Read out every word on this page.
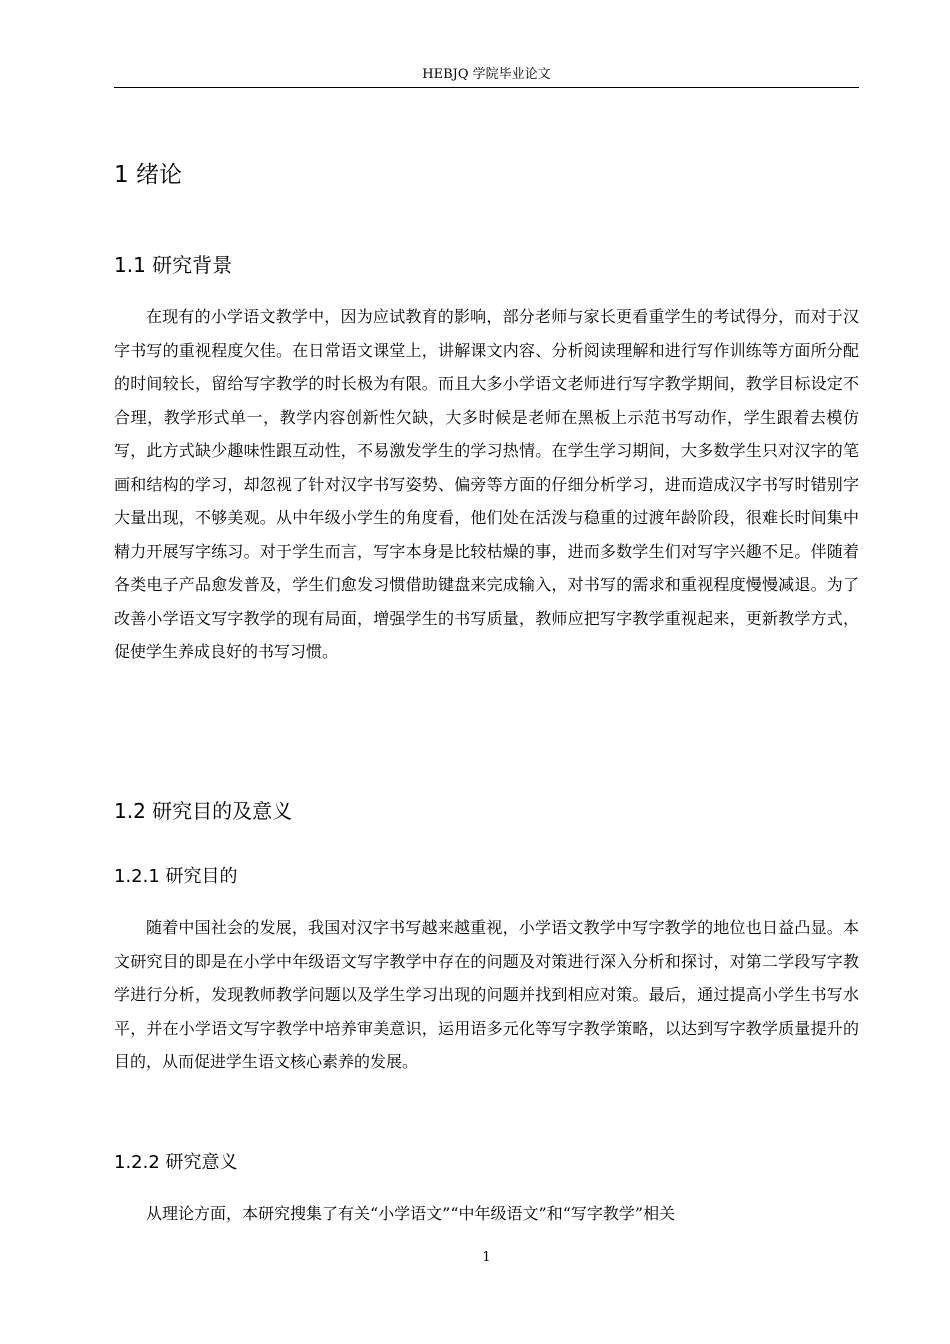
HEBJQ 学院毕业论文
1 绪论
1.1 研究背景

在现有的小学语文教学中，因为应试教育的影响，部分老师与家长更看重学生的考试得分，而对于汉字书写的重视程度欠佳。在日常语文课堂上，讲解课文内容、分析阅读理解和进行写作训练等方面所分配的时间较长，留给写字教学的时长极为有限。而且大多小学语文老师进行写字教学期间，教学目标设定不合理，教学形式单一，教学内容创新性欠缺，大多时候是老师在黑板上示范书写动作，学生跟着去模仿写，此方式缺少趣味性跟互动性，不易激发学生的学习热情。在学生学习期间，大多数学生只对汉字的笔画和结构的学习，却忽视了针对汉字书写姿势、偏旁等方面的仔细分析学习，进而造成汉字书写时错别字大量出现，不够美观。从中年级小学生的角度看，他们处在活泼与稳重的过渡年龄阶段，很难长时间集中精力开展写字练习。对于学生而言，写字本身是比较枯燥的事，进而多数学生们对写字兴趣不足。伴随着各类电子产品愈发普及，学生们愈发习惯借助键盘来完成输入，对书写的需求和重视程度慢慢减退。为了改善小学语文写字教学的现有局面，增强学生的书写质量，教师应把写字教学重视起来，更新教学方式，促使学生养成良好的书写习惯。

1.2 研究目的及意义
1.2.1 研究目的

随着中国社会的发展，我国对汉字书写越来越重视，小学语文教学中写字教学的地位也日益凸显。本文研究目的即是在小学中年级语文写字教学中存在的问题及对策进行深入分析和探讨，对第二学段写字教学进行分析，发现教师教学问题以及学生学习出现的问题并找到相应对策。最后，通过提高小学生书写水平，并在小学语文写字教学中培养审美意识，运用语多元化等写字教学策略，以达到写字教学质量提升的目的，从而促进学生语文核心素养的发展。

1.2.2 研究意义

从理论方面，本研究搜集了有关“小学语文”“中年级语文”和“写字教学”相关

1
